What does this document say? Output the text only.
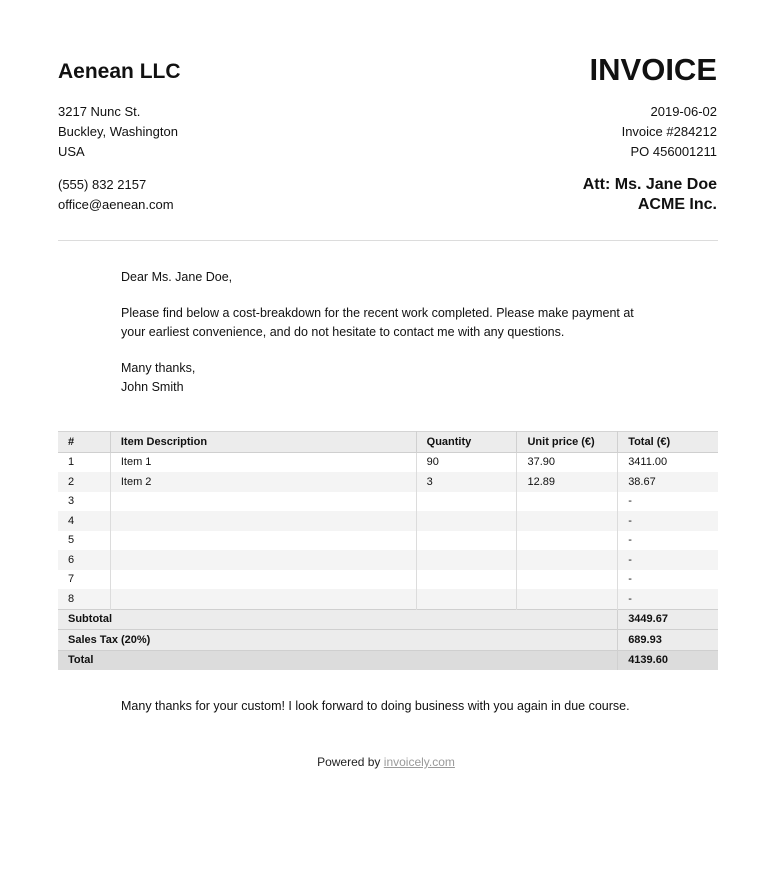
Aenean LLC	INVOICE
3217 Nunc St.
Buckley, Washington
USA
2019-06-02
Invoice #284212
PO 456001211
(555) 832 2157
office@aenean.com
Att: Ms. Jane Doe
ACME Inc.

Dear Ms. Jane Doe,

Please find below a cost-breakdown for the recent work completed. Please make payment at your earliest convenience, and do not hesitate to contact me with any questions.

Many thanks,

John Smith

#	Item Description	Quantity	Unit price (€)	Total (€)
1	Item 1	90	37.90	3411.00
2	Item 2	3	12.89	38.67
3				-
4				-
5				-
6				-
7				-
8				-
Subtotal				3449.67
Sales Tax (20%)				689.93
Total				4139.60
Many thanks for your custom! I look forward to doing business with you again in due course.
Powered by invoicely.com
